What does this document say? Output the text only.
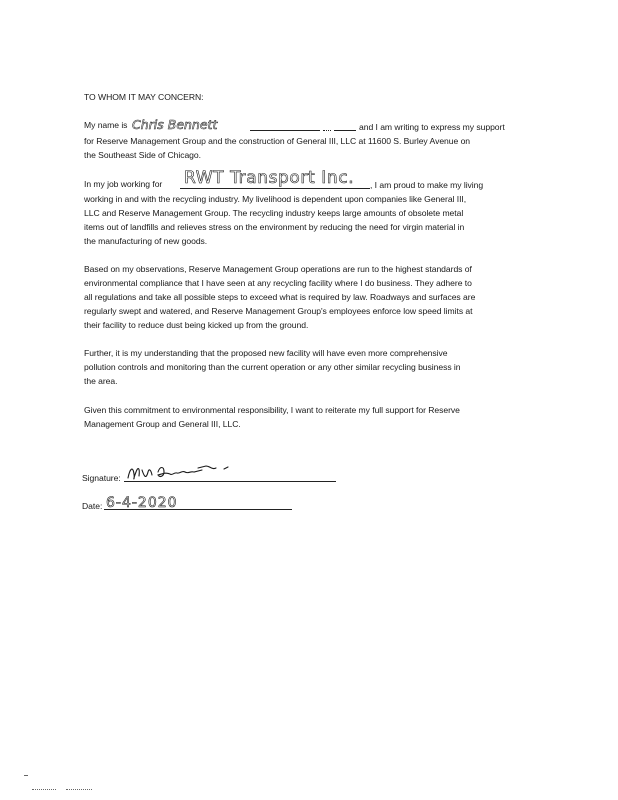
TO WHOM IT MAY CONCERN:
My name is Chris Bennett	and I am writing to express my support
for Reserve Management Group and the construction of General III, LLC at 11600 S. Burley Avenue on
the Southeast Side of Chicago.
In my job working for RWT Transport Inc. , I am proud to make my living
working in and with the recycling industry. My livelihood is dependent upon companies like General III,
LLC and Reserve Management Group. The recycling industry keeps large amounts of obsolete metal
items out of landfills and relieves stress on the environment by reducing the need for virgin material in
the manufacturing of new goods.
Based on my observations, Reserve Management Group operations are run to the highest standards of
environmental compliance that I have seen at any recycling facility where I do business. They adhere to
all regulations and take all possible steps to exceed what is required by law. Roadways and surfaces are
regularly swept and watered, and Reserve Management Group's employees enforce low speed limits at
their facility to reduce dust being kicked up from the ground.
Further, it is my understanding that the proposed new facility will have even more comprehensive
pollution controls and monitoring than the current operation or any other similar recycling business in
the area.
Given this commitment to environmental responsibility, I want to reiterate my full support for Reserve
Management Group and General III, LLC.
Signature:
Date: 6-4-2020
